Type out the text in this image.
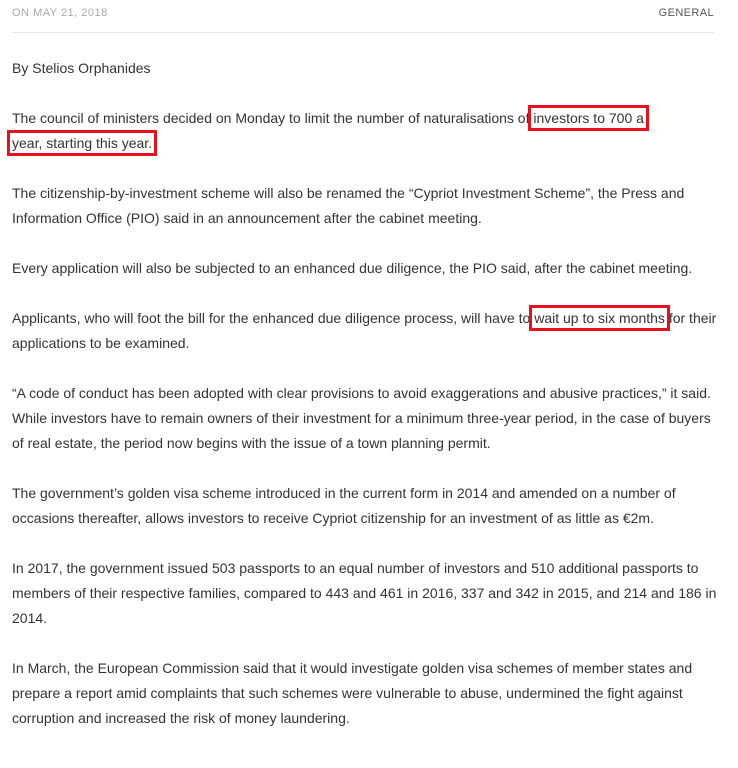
ON MAY 21, 2018	GENERAL

By Stelios Orphanides

The council of ministers decided on Monday to limit the number of naturalisations of investors to 700 a
year, starting this year.

The citizenship-by-investment scheme will also be renamed the “Cypriot Investment Scheme”, the Press and Information Office (PIO) said in an announcement after the cabinet meeting.

Every application will also be subjected to an enhanced due diligence, the PIO said, after the cabinet meeting.

Applicants, who will foot the bill for the enhanced due diligence process, will have to wait up to six months for their applications to be examined.

“A code of conduct has been adopted with clear provisions to avoid exaggerations and abusive practices,” it said. While investors have to remain owners of their investment for a minimum three-year period, in the case of buyers of real estate, the period now begins with the issue of a town planning permit.

The government’s golden visa scheme introduced in the current form in 2014 and amended on a number of occasions thereafter, allows investors to receive Cypriot citizenship for an investment of as little as €2m.

In 2017, the government issued 503 passports to an equal number of investors and 510 additional passports to members of their respective families, compared to 443 and 461 in 2016, 337 and 342 in 2015, and 214 and 186 in 2014.

In March, the European Commission said that it would investigate golden visa schemes of member states and prepare a report amid complaints that such schemes were vulnerable to abuse, undermined the fight against corruption and increased the risk of money laundering.
